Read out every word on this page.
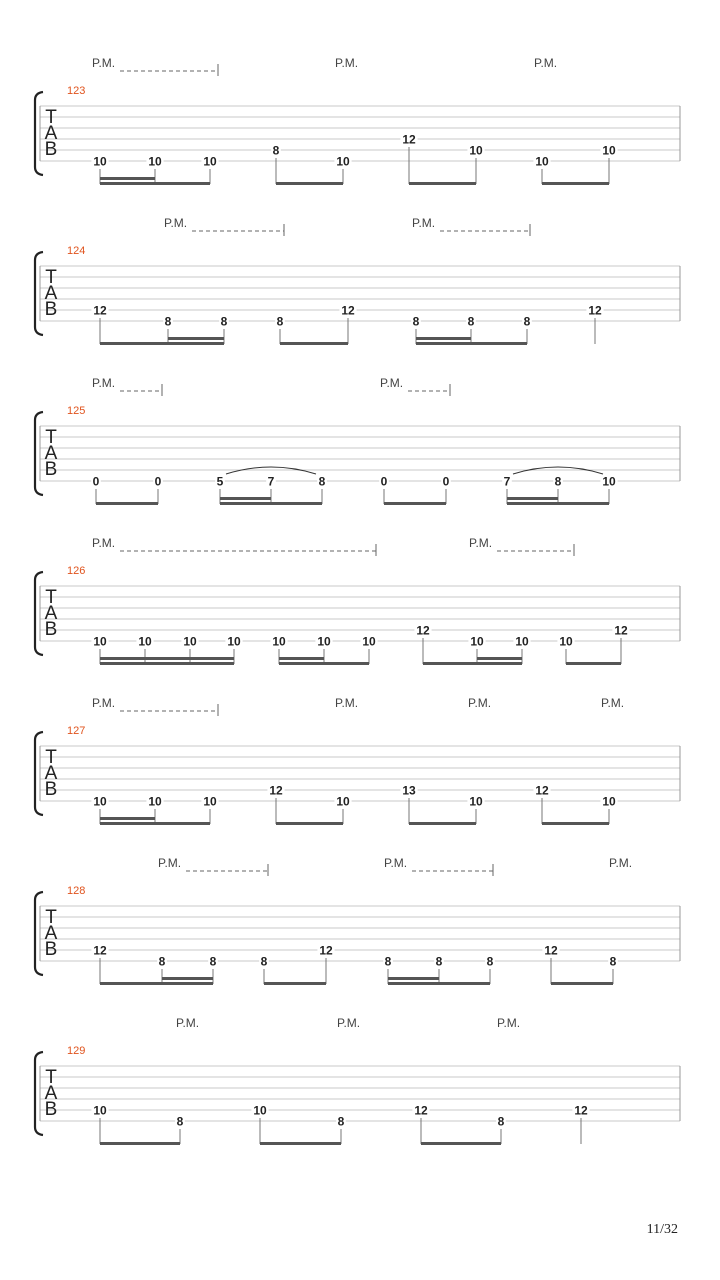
T
A
B
123
P.M.	P.M.	P.M.
10	10	10
8
10
12
10
10
10
T
A
B
124
P.M.	P.M.
12
8	8	8
12
8	8	8
12
T
A
B
125
P.M.	P.M.
0	0	5	7	8	0	0	7	8	10
T
A
B
126
P.M.	P.M.
10	10	10	10	10	10	10
12
10	10	10
12
T
A
B
127
P.M.	P.M.	P.M.	P.M.
10	10	10
12
10
13
10
12
10
T
A
B
128
P.M.	P.M.	P.M.
12
8	8	8
12
8	8	8
12
8
T
A
B
129
P.M.	P.M.	P.M.
10
8
10
8
12
8
12
11/32
